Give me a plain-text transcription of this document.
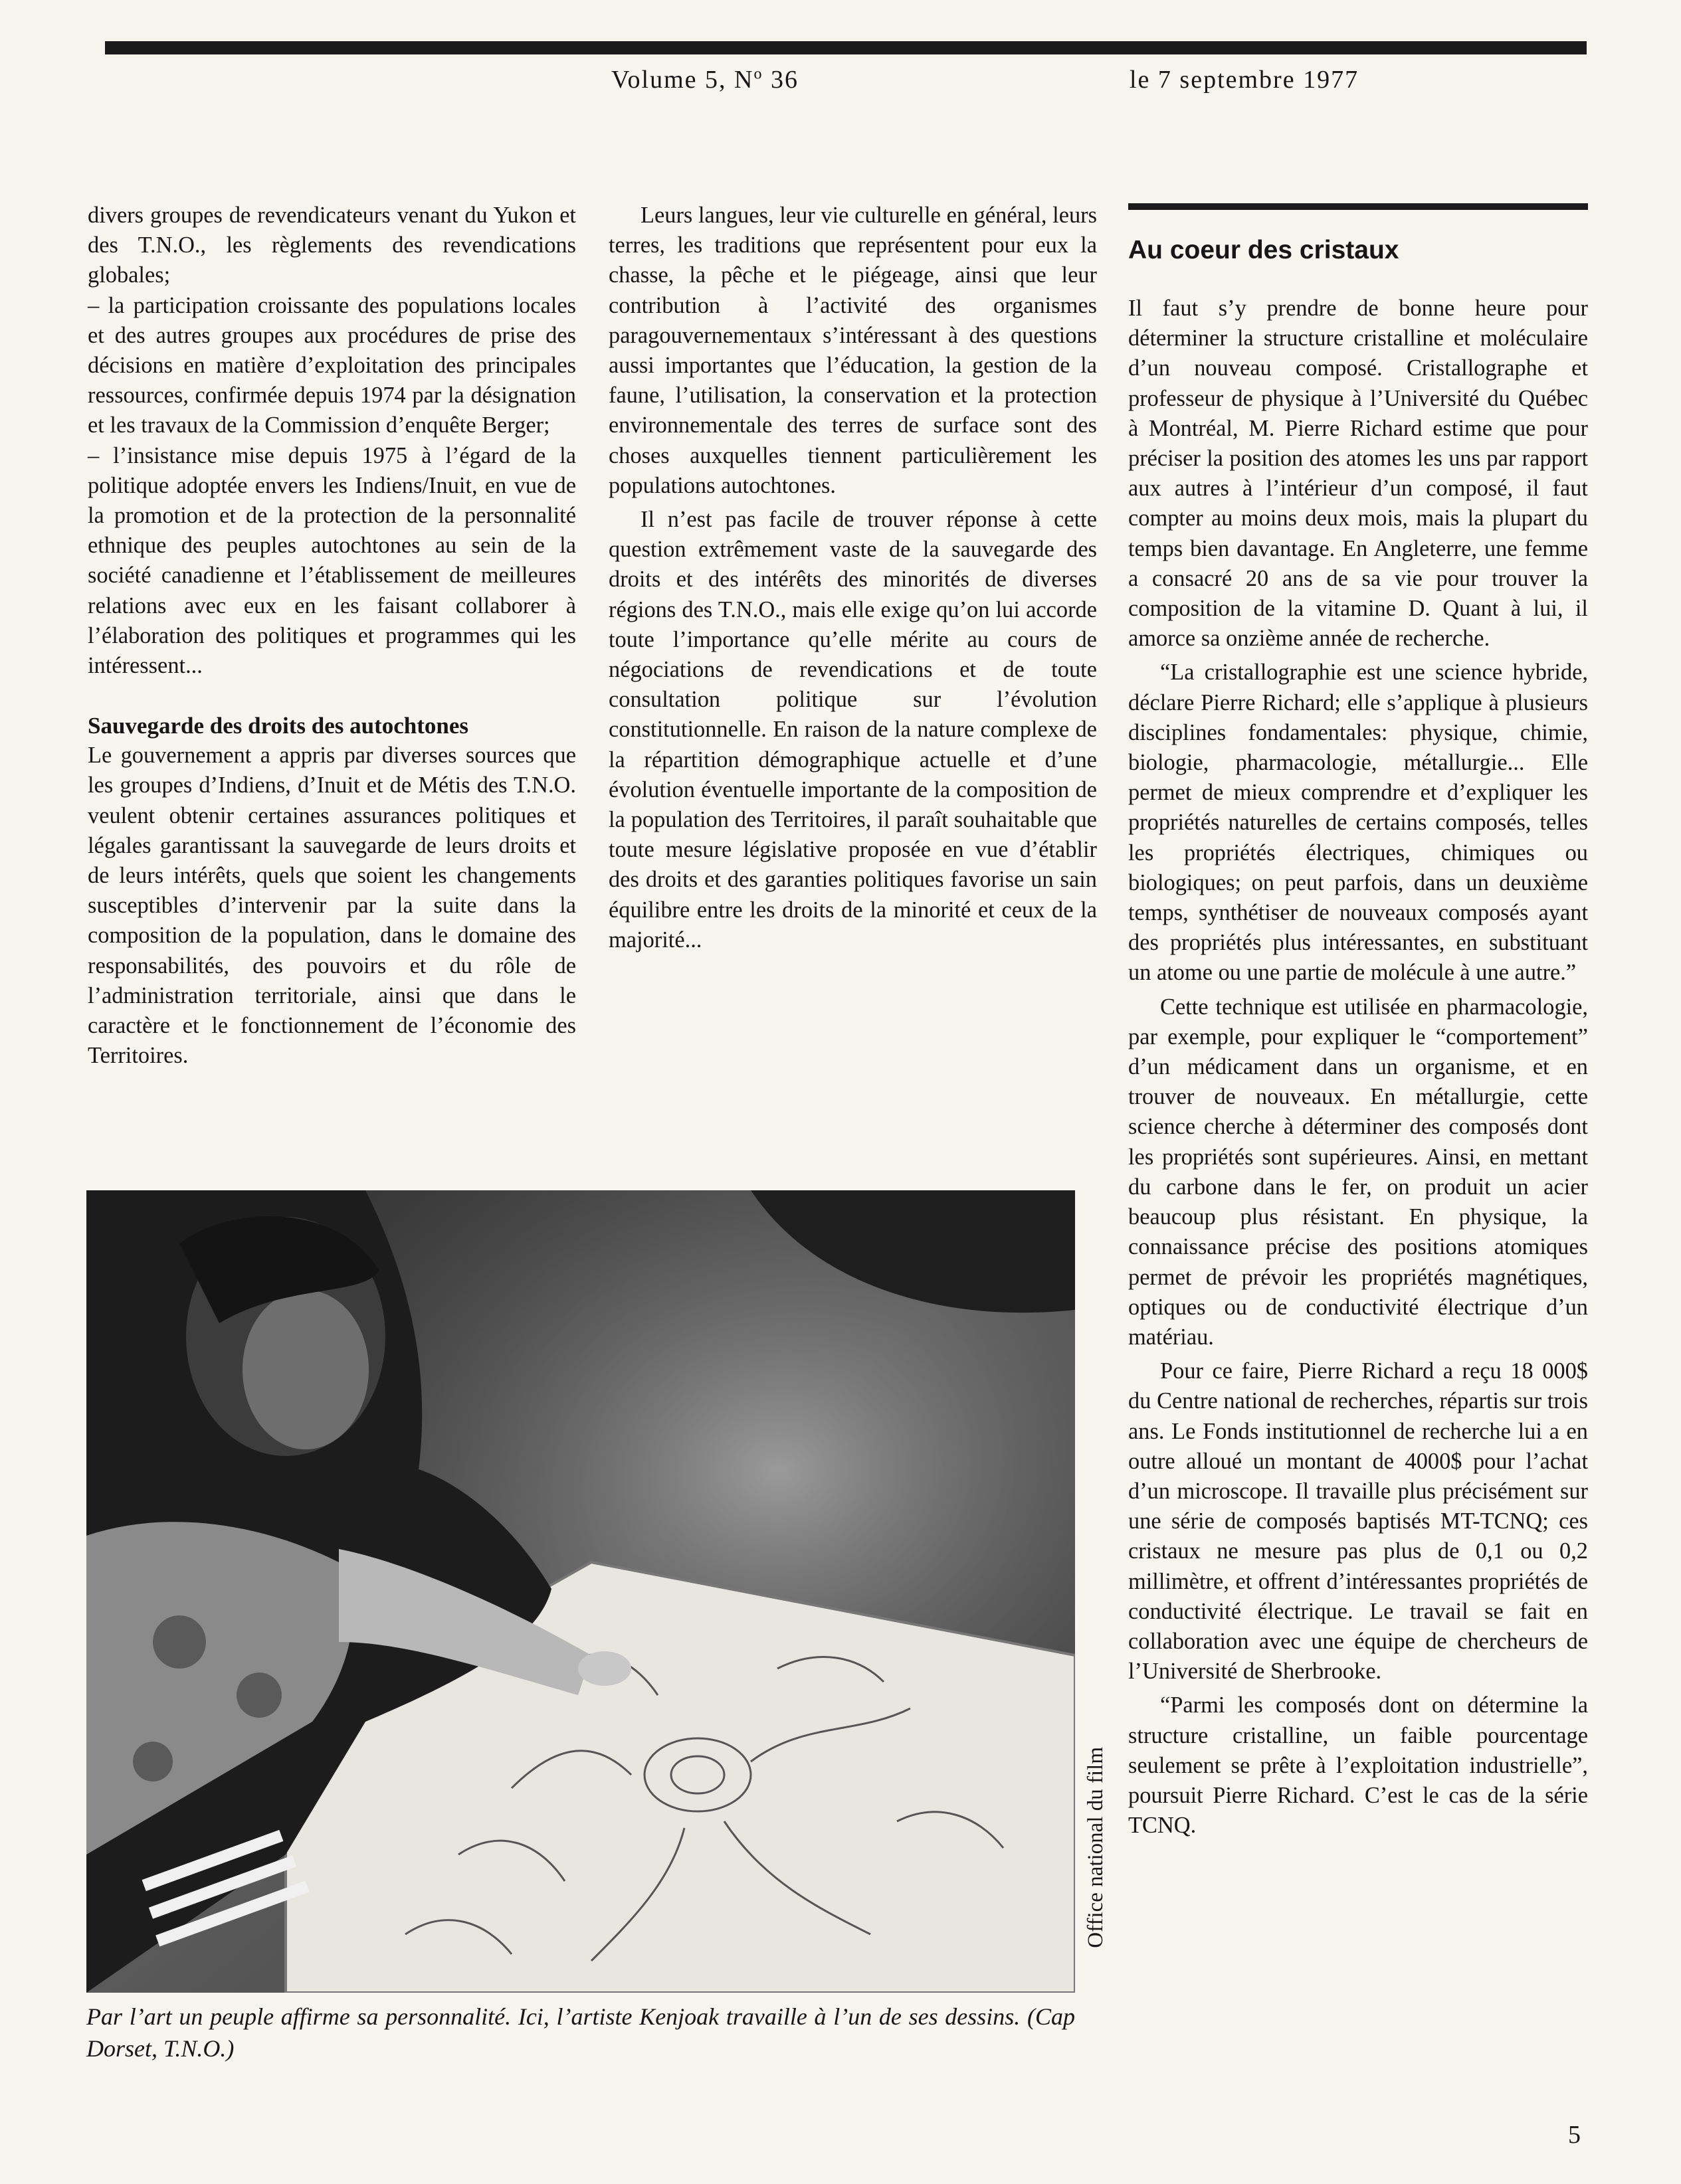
Volume 5, $N^o$ 36	le 7 septembre 1977

divers groupes de revendicateurs venant du Yukon et des T.N.O., les règlements des revendications globales;

– la participation croissante des populations locales et des autres groupes aux procédures de prise des décisions en matière d’exploitation des principales ressources, confirmée depuis 1974 par la désignation et les travaux de la Commission d’enquête Berger;

– l’insistance mise depuis 1975 à l’égard de la politique adoptée envers les Indiens/Inuit, en vue de la promotion et de la protection de la personnalité ethnique des peuples autochtones au sein de la société canadienne et l’établissement de meilleures relations avec eux en les faisant collaborer à l’élaboration des politiques et programmes qui les intéressent...

Sauvegarde des droits des autochtones

Le gouvernement a appris par diverses sources que les groupes d’Indiens, d’Inuit et de Métis des T.N.O. veulent obtenir certaines assurances politiques et légales garantissant la sauvegarde de leurs droits et de leurs intérêts, quels que soient les changements susceptibles d’intervenir par la suite dans la composition de la population, dans le domaine des responsabilités, des pouvoirs et du rôle de l’administration territoriale, ainsi que dans le caractère et le fonctionnement de l’économie des Territoires.

Leurs langues, leur vie culturelle en général, leurs terres, les traditions que représentent pour eux la chasse, la pêche et le piégeage, ainsi que leur contribution à l’activité des organismes paragouvernementaux s’intéressant à des questions aussi importantes que l’éducation, la gestion de la faune, l’utilisation, la conservation et la protection environnementale des terres de surface sont des choses auxquelles tiennent particulièrement les populations autochtones.

Il n’est pas facile de trouver réponse à cette question extrêmement vaste de la sauvegarde des droits et des intérêts des minorités de diverses régions des T.N.O., mais elle exige qu’on lui accorde toute l’importance qu’elle mérite au cours de négociations de revendications et de toute consultation politique sur l’évolution constitutionnelle. En raison de la nature complexe de la répartition démographique actuelle et d’une évolution éventuelle importante de la composition de la population des Territoires, il paraît souhaitable que toute mesure législative proposée en vue d’établir des droits et des garanties politiques favorise un sain équilibre entre les droits de la minorité et ceux de la majorité...

Au coeur des cristaux

Il faut s’y prendre de bonne heure pour déterminer la structure cristalline et moléculaire d’un nouveau composé. Cristallographe et professeur de physique à l’Université du Québec à Montréal, M. Pierre Richard estime que pour préciser la position des atomes les uns par rapport aux autres à l’intérieur d’un composé, il faut compter au moins deux mois, mais la plupart du temps bien davantage. En Angleterre, une femme a consacré 20 ans de sa vie pour trouver la composition de la vitamine D. Quant à lui, il amorce sa onzième année de recherche.

“La cristallographie est une science hybride, déclare Pierre Richard; elle s’applique à plusieurs disciplines fondamentales: physique, chimie, biologie, pharmacologie, métallurgie... Elle permet de mieux comprendre et d’expliquer les propriétés naturelles de certains composés, telles les propriétés électriques, chimiques ou biologiques; on peut parfois, dans un deuxième temps, synthétiser de nouveaux composés ayant des propriétés plus intéressantes, en substituant un atome ou une partie de molécule à une autre.”

Cette technique est utilisée en pharmacologie, par exemple, pour expliquer le “comportement” d’un médicament dans un organisme, et en trouver de nouveaux. En métallurgie, cette science cherche à déterminer des composés dont les propriétés sont supérieures. Ainsi, en mettant du carbone dans le fer, on produit un acier beaucoup plus résistant. En physique, la connaissance précise des positions atomiques permet de prévoir les propriétés magnétiques, optiques ou de conductivité électrique d’un matériau.

Pour ce faire, Pierre Richard a reçu 18 000$ du Centre national de recherches, répartis sur trois ans. Le Fonds institutionnel de recherche lui a en outre alloué un montant de 4000$ pour l’achat d’un microscope. Il travaille plus précisément sur une série de composés baptisés MT-TCNQ; ces cristaux ne mesure pas plus de 0,1 ou 0,2 millimètre, et offrent d’intéressantes propriétés de conductivité électrique. Le travail se fait en collaboration avec une équipe de chercheurs de l’Université de Sherbrooke.

“Parmi les composés dont on détermine la structure cristalline, un faible pourcentage seulement se prête à l’exploitation industrielle”, poursuit Pierre Richard. C’est le cas de la série TCNQ.

Office national du film
Par l’art un peuple affirme sa personnalité. Ici, l’artiste Kenjoak travaille à l’un de ses dessins. (Cap Dorset, T.N.O.)
5
